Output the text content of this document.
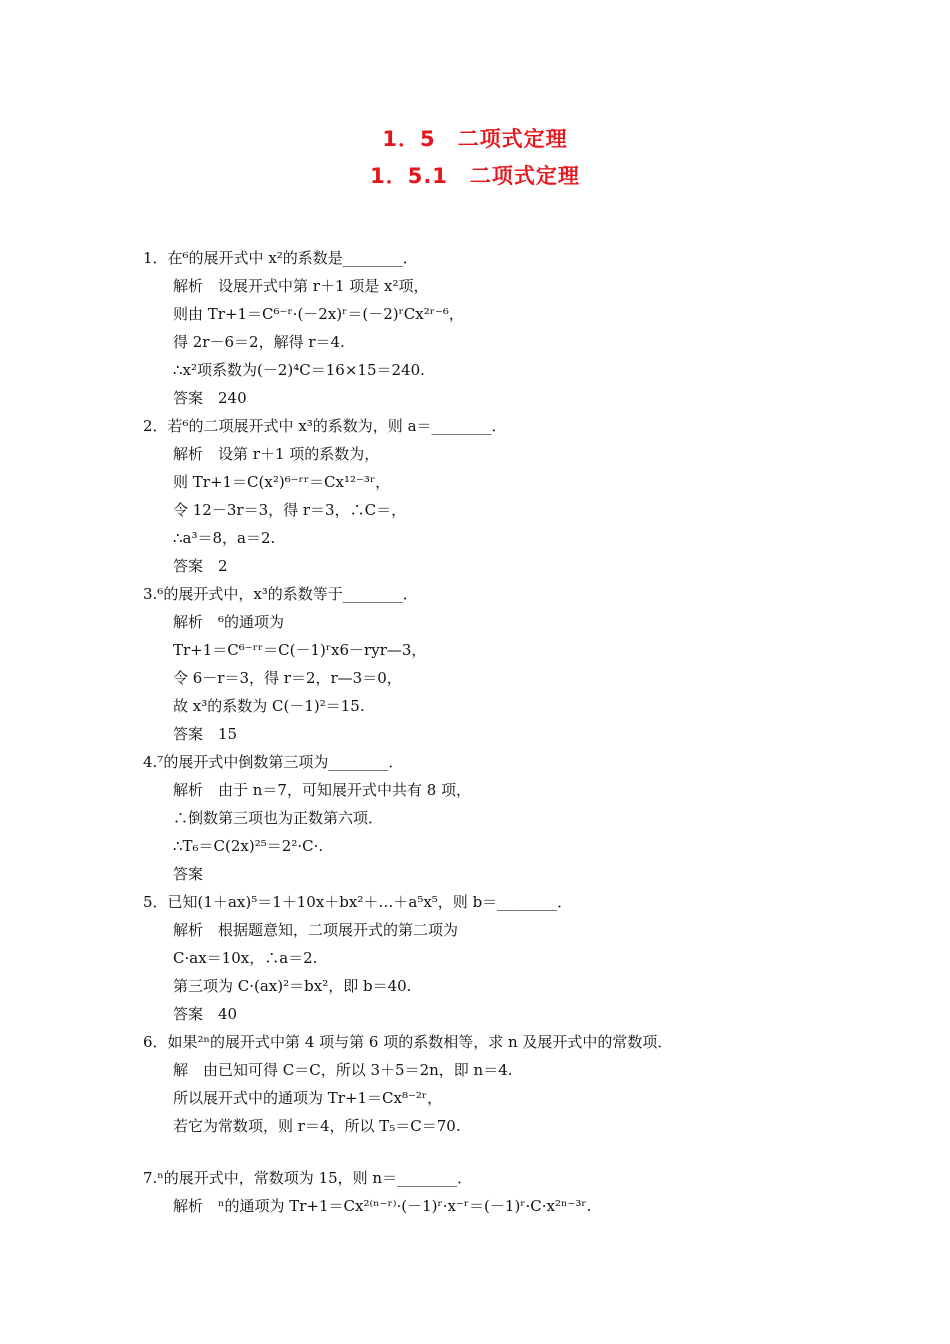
1．5　二项式定理
1．5.1　二项式定理
1．在⁶的展开式中 x²的系数是________．
解析　设展开式中第 r＋1 项是 x²项，
则由 Tr+1＝C⁶⁻ʳ·(－2x)ʳ＝(－2)ʳCx²ʳ⁻⁶，
得 2r－6＝2，解得 r＝4.
∴x²项系数为(－2)⁴C＝16×15＝240.
答案　240
2．若⁶的二项展开式中 x³的系数为，则 a＝________．
解析　设第 r＋1 项的系数为，
则 Tr+1＝C(x²)⁶⁻ʳʳ＝Cx¹²⁻³ʳ，
令 12－3r＝3，得 r＝3，∴C＝，
∴a³＝8，a＝2.
答案　2
3.⁶的展开式中，x³的系数等于________．
解析　⁶的通项为
Tr+1＝C⁶⁻ʳʳ＝C(－1)ʳx6－ryr—3，
令 6－r＝3，得 r＝2，r—3＝0，
故 x³的系数为 C(－1)²＝15.
答案　15
4.⁷的展开式中倒数第三项为________．
解析　由于 n＝7，可知展开式中共有 8 项，
∴倒数第三项也为正数第六项．
∴T₆＝C(2x)²⁵＝2²·C·.
答案
5．已知(1＋ax)⁵＝1＋10x＋bx²＋…＋a⁵x⁵，则 b＝________．
解析　根据题意知，二项展开式的第二项为
C·ax＝10x，∴a＝2.
第三项为 C·(ax)²＝bx²，即 b＝40.
答案　40
6．如果²ⁿ的展开式中第 4 项与第 6 项的系数相等，求 n 及展开式中的常数项．
解　由已知可得 C＝C，所以 3＋5＝2n，即 n＝4.
所以展开式中的通项为 Tr+1＝Cx⁸⁻²ʳ，
若它为常数项，则 r＝4，所以 T₅＝C＝70.
7.ⁿ的展开式中，常数项为 15，则 n＝________．
解析　ⁿ的通项为 Tr+1＝Cx²⁽ⁿ⁻ʳ⁾·(－1)ʳ·x⁻ʳ＝(－1)ʳ·C·x²ⁿ⁻³ʳ.
